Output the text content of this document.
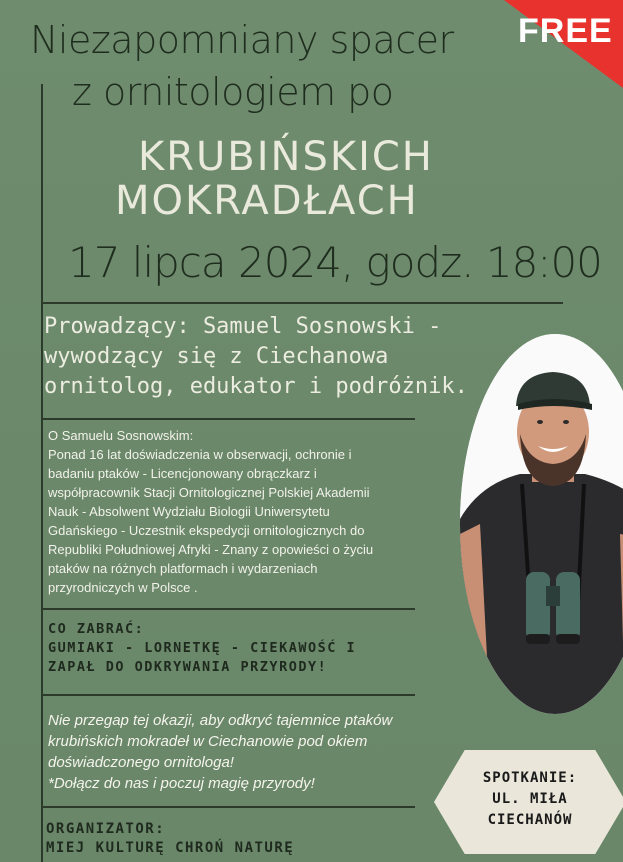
FREE
Niezapomniany spacer
z ornitologiem po
KRUBIŃSKICH
MOKRADŁACH
17 lipca 2024, godz. 18:00
Prowadzący: Samuel Sosnowski -
wywodzący się z Ciechanowa
ornitolog, edukator i podróżnik.
O Samuelu Sosnowskim:
Ponad 16 lat doświadczenia w obserwacji, ochronie i
badaniu ptaków - Licencjonowany obrączkarz i
współpracownik Stacji Ornitologicznej Polskiej Akademii
Nauk - Absolwent Wydziału Biologii Uniwersytetu
Gdańskiego - Uczestnik ekspedycji ornitologicznych do
Republiki Południowej Afryki - Znany z opowieści o życiu
ptaków na różnych platformach i wydarzeniach
przyrodniczych w Polsce .
CO ZABRAĆ:
GUMIAKI - LORNETKĘ - CIEKAWOŚĆ I
ZAPAŁ DO ODKRYWANIA PRZYRODY!
Nie przegap tej okazji, aby odkryć tajemnice ptaków
krubińskich mokradeł w Ciechanowie pod okiem
doświadczonego ornitologa!
*Dołącz do nas i poczuj magię przyrody!
ORGANIZATOR:
MIEJ KULTURĘ CHROŃ NATURĘ
SPOTKANIE:
UL. MIŁA
CIECHANÓW
